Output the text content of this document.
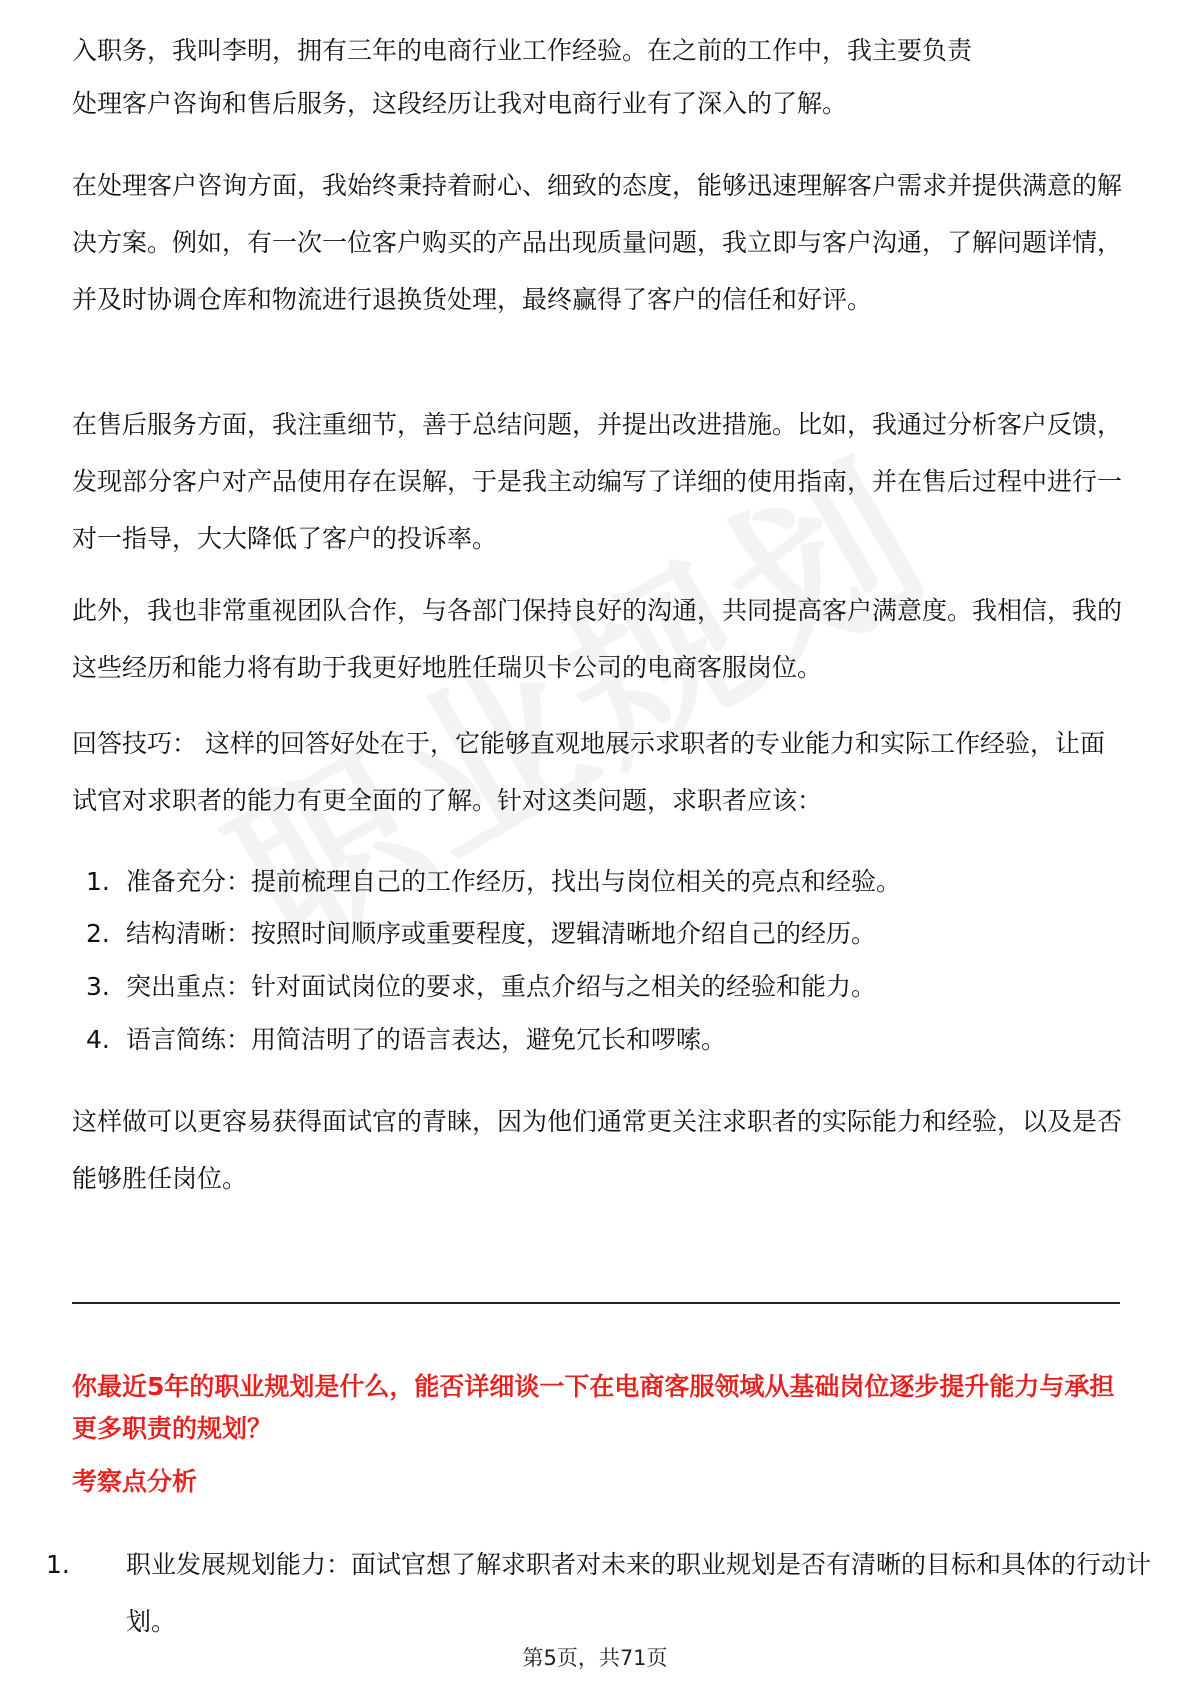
入职务，我叫李明，拥有三年的电商行业工作经验。在之前的工作中，我主要负责

处理客户咨询和售后服务，这段经历让我对电商行业有了深入的了解。

在处理客户咨询方面，我始终秉持着耐心、细致的态度，能够迅速理解客户需求并提供满意的解决方案。例如，有一次一位客户购买的产品出现质量问题，我立即与客户沟通，了解问题详情，并及时协调仓库和物流进行退换货处理，最终赢得了客户的信任和好评。

在售后服务方面，我注重细节，善于总结问题，并提出改进措施。比如，我通过分析客户反馈，发现部分客户对产品使用存在误解，于是我主动编写了详细的使用指南，并在售后过程中进行一对一指导，大大降低了客户的投诉率。

此外，我也非常重视团队合作，与各部门保持良好的沟通，共同提高客户满意度。我相信，我的这些经历和能力将有助于我更好地胜任瑞贝卡公司的电商客服岗位。

回答技巧： 这样的回答好处在于，它能够直观地展示求职者的专业能力和实际工作经验，让面试官对求职者的能力有更全面的了解。针对这类问题，求职者应该：

1. 准备充分：提前梳理自己的工作经历，找出与岗位相关的亮点和经验。

2. 结构清晰：按照时间顺序或重要程度，逻辑清晰地介绍自己的经历。

3. 突出重点：针对面试岗位的要求，重点介绍与之相关的经验和能力。

4. 语言简练：用简洁明了的语言表达，避免冗长和啰嗦。

这样做可以更容易获得面试官的青睐，因为他们通常更关注求职者的实际能力和经验，以及是否能够胜任岗位。

你最近5年的职业规划是什么，能否详细谈一下在电商客服领域从基础岗位逐步提升能力与承担更多职责的规划？

考察点分析

1. 职业发展规划能力：面试官想了解求职者对未来的职业规划是否有清晰的目标和具体的行动计划。

第5页，共71页
